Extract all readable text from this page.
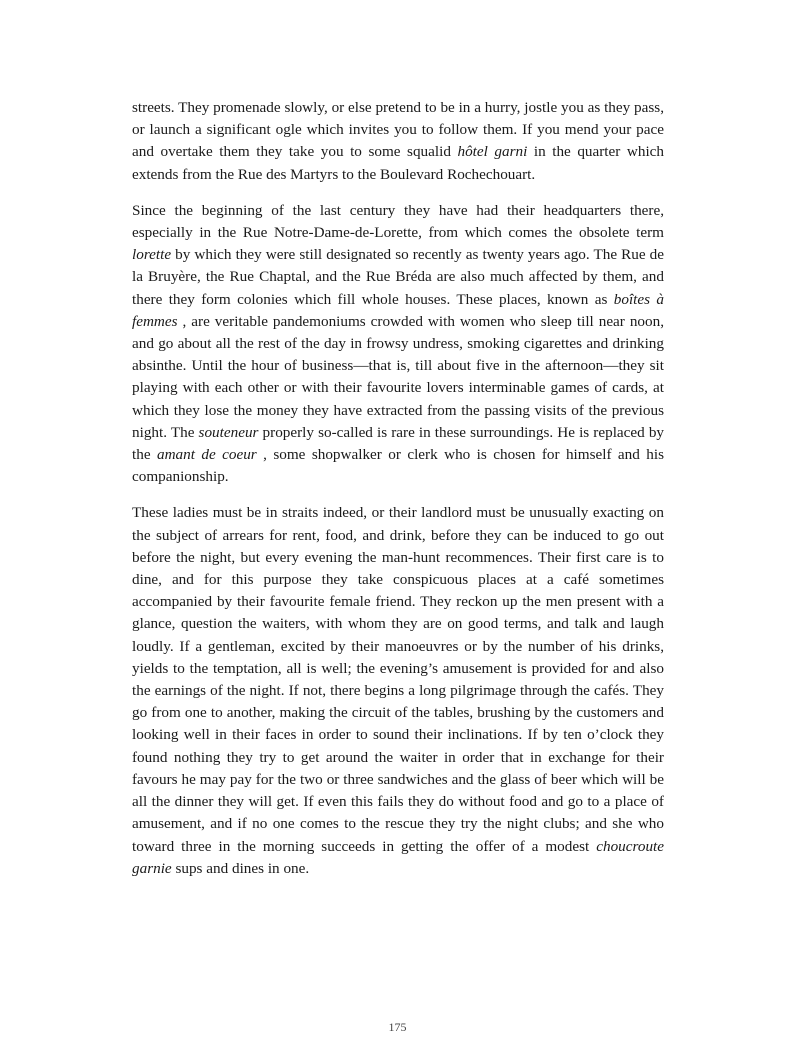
streets. They promenade slowly, or else pretend to be in a hurry, jostle you as they pass, or launch a significant ogle which invites you to follow them. If you mend your pace and overtake them they take you to some squalid hôtel garni in the quarter which extends from the Rue des Martyrs to the Boulevard Rochechouart.

Since the beginning of the last century they have had their headquarters there, especially in the Rue Notre-Dame-de-Lorette, from which comes the obsolete term lorette by which they were still designated so recently as twenty years ago. The Rue de la Bruyère, the Rue Chaptal, and the Rue Bréda are also much affected by them, and there they form colonies which fill whole houses. These places, known as boîtes à femmes , are veritable pandemoniums crowded with women who sleep till near noon, and go about all the rest of the day in frowsy undress, smoking cigarettes and drinking absinthe. Until the hour of business—that is, till about five in the afternoon—they sit playing with each other or with their favourite lovers interminable games of cards, at which they lose the money they have extracted from the passing visits of the previous night. The souteneur properly so-called is rare in these surroundings. He is replaced by the amant de coeur , some shopwalker or clerk who is chosen for himself and his companionship.

These ladies must be in straits indeed, or their landlord must be unusually exacting on the subject of arrears for rent, food, and drink, before they can be induced to go out before the night, but every evening the man-hunt recommences. Their first care is to dine, and for this purpose they take conspicuous places at a café sometimes accompanied by their favourite female friend. They reckon up the men present with a glance, question the waiters, with whom they are on good terms, and talk and laugh loudly. If a gentleman, excited by their manoeuvres or by the number of his drinks, yields to the temptation, all is well; the evening’s amusement is provided for and also the earnings of the night. If not, there begins a long pilgrimage through the cafés. They go from one to another, making the circuit of the tables, brushing by the customers and looking well in their faces in order to sound their inclinations. If by ten o’clock they found nothing they try to get around the waiter in order that in exchange for their favours he may pay for the two or three sandwiches and the glass of beer which will be all the dinner they will get. If even this fails they do without food and go to a place of amusement, and if no one comes to the rescue they try the night clubs; and she who toward three in the morning succeeds in getting the offer of a modest choucroute garnie sups and dines in one.

175
